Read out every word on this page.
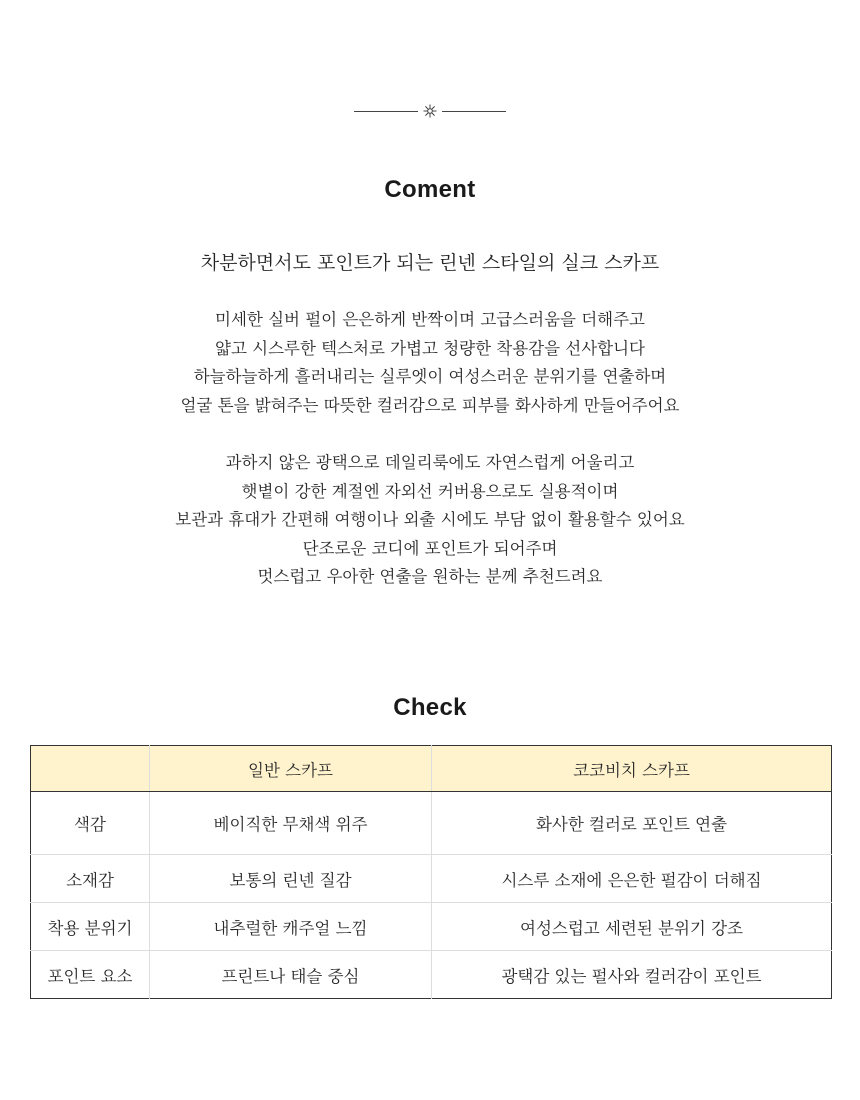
Coment
차분하면서도 포인트가 되는 린넨 스타일의 실크 스카프
미세한 실버 펄이 은은하게 반짝이며 고급스러움을 더해주고
얇고 시스루한 텍스처로 가볍고 청량한 착용감을 선사합니다
하늘하늘하게 흘러내리는 실루엣이 여성스러운 분위기를 연출하며
얼굴 톤을 밝혀주는 따뜻한 컬러감으로 피부를 화사하게 만들어주어요
과하지 않은 광택으로 데일리룩에도 자연스럽게 어울리고
햇볕이 강한 계절엔 자외선 커버용으로도 실용적이며
보관과 휴대가 간편해 여행이나 외출 시에도 부담 없이 활용할수 있어요
단조로운 코디에 포인트가 되어주며
멋스럽고 우아한 연출을 원하는 분께 추천드려요
Check
	일반 스카프	코코비치 스카프
색감	베이직한 무채색 위주	화사한 컬러로 포인트 연출
소재감	보통의 린넨 질감	시스루 소재에 은은한 펄감이 더해짐
착용 분위기	내추럴한 캐주얼 느낌	여성스럽고 세련된 분위기 강조
포인트 요소	프린트나 태슬 중심	광택감 있는 펄사와 컬러감이 포인트
